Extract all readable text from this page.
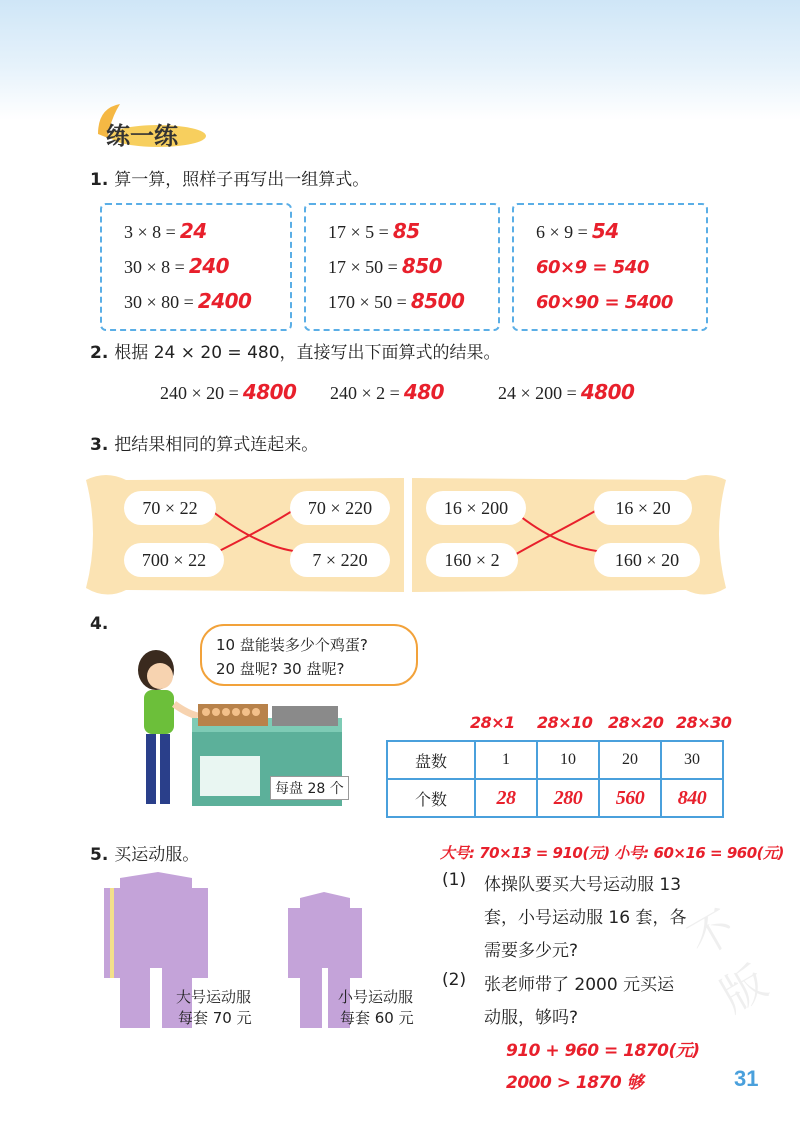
练一练
1. 算一算，照样子再写出一组算式。
3 × 8 = 24
30 × 8 = 240
30 × 80 = 2400
17 × 5 = 85
17 × 50 = 850
170 × 50 = 8500
6 × 9 = 54
60×9 = 540
60×90 = 5400
2. 根据 24 × 20 = 480，直接写出下面算式的结果。
240 × 20 = 4800 240 × 2 = 480	24 × 200 = 4800
3. 把结果相同的算式连起来。
70 × 22	70 × 220
700 × 22	7 × 220
16 × 200	16 × 20
160 × 2	160 × 20
4.
10 盘能装多少个鸡蛋?
20 盘呢? 30 盘呢?
每盘 28 个
28×1 28×10 28×20 28×30
盘数	1	10	20	30
个数	28	280	560	840
5. 买运动服。	大号: 70×13 = 910(元) 小号: 60×16 = 960(元)
大号运动服
每套 70 元
小号运动服
每套 60 元
(1) 体操队要买大号运动服 13
套，小号运动服 16 套，各
需要多少元?
(2) 张老师带了 2000 元买运
动服，够吗?
910 + 960 = 1870(元)
2000 > 1870 够
不 版
31
